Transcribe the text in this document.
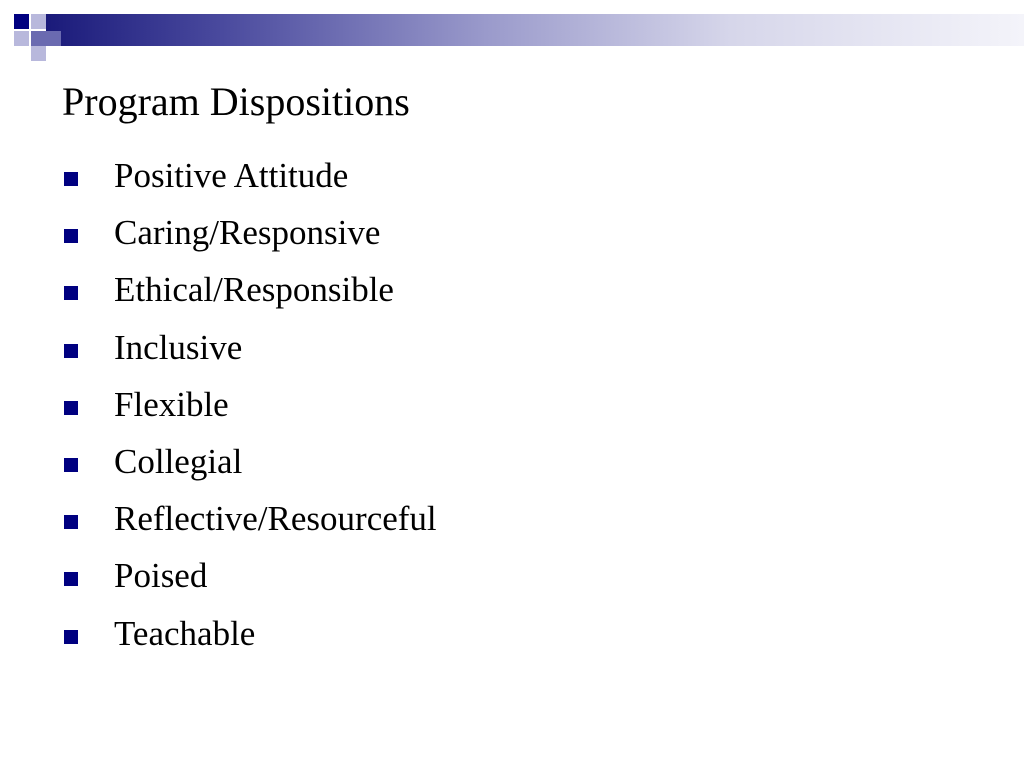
Program Dispositions
Positive Attitude
Caring/Responsive
Ethical/Responsible
Inclusive
Flexible
Collegial
Reflective/Resourceful
Poised
Teachable
